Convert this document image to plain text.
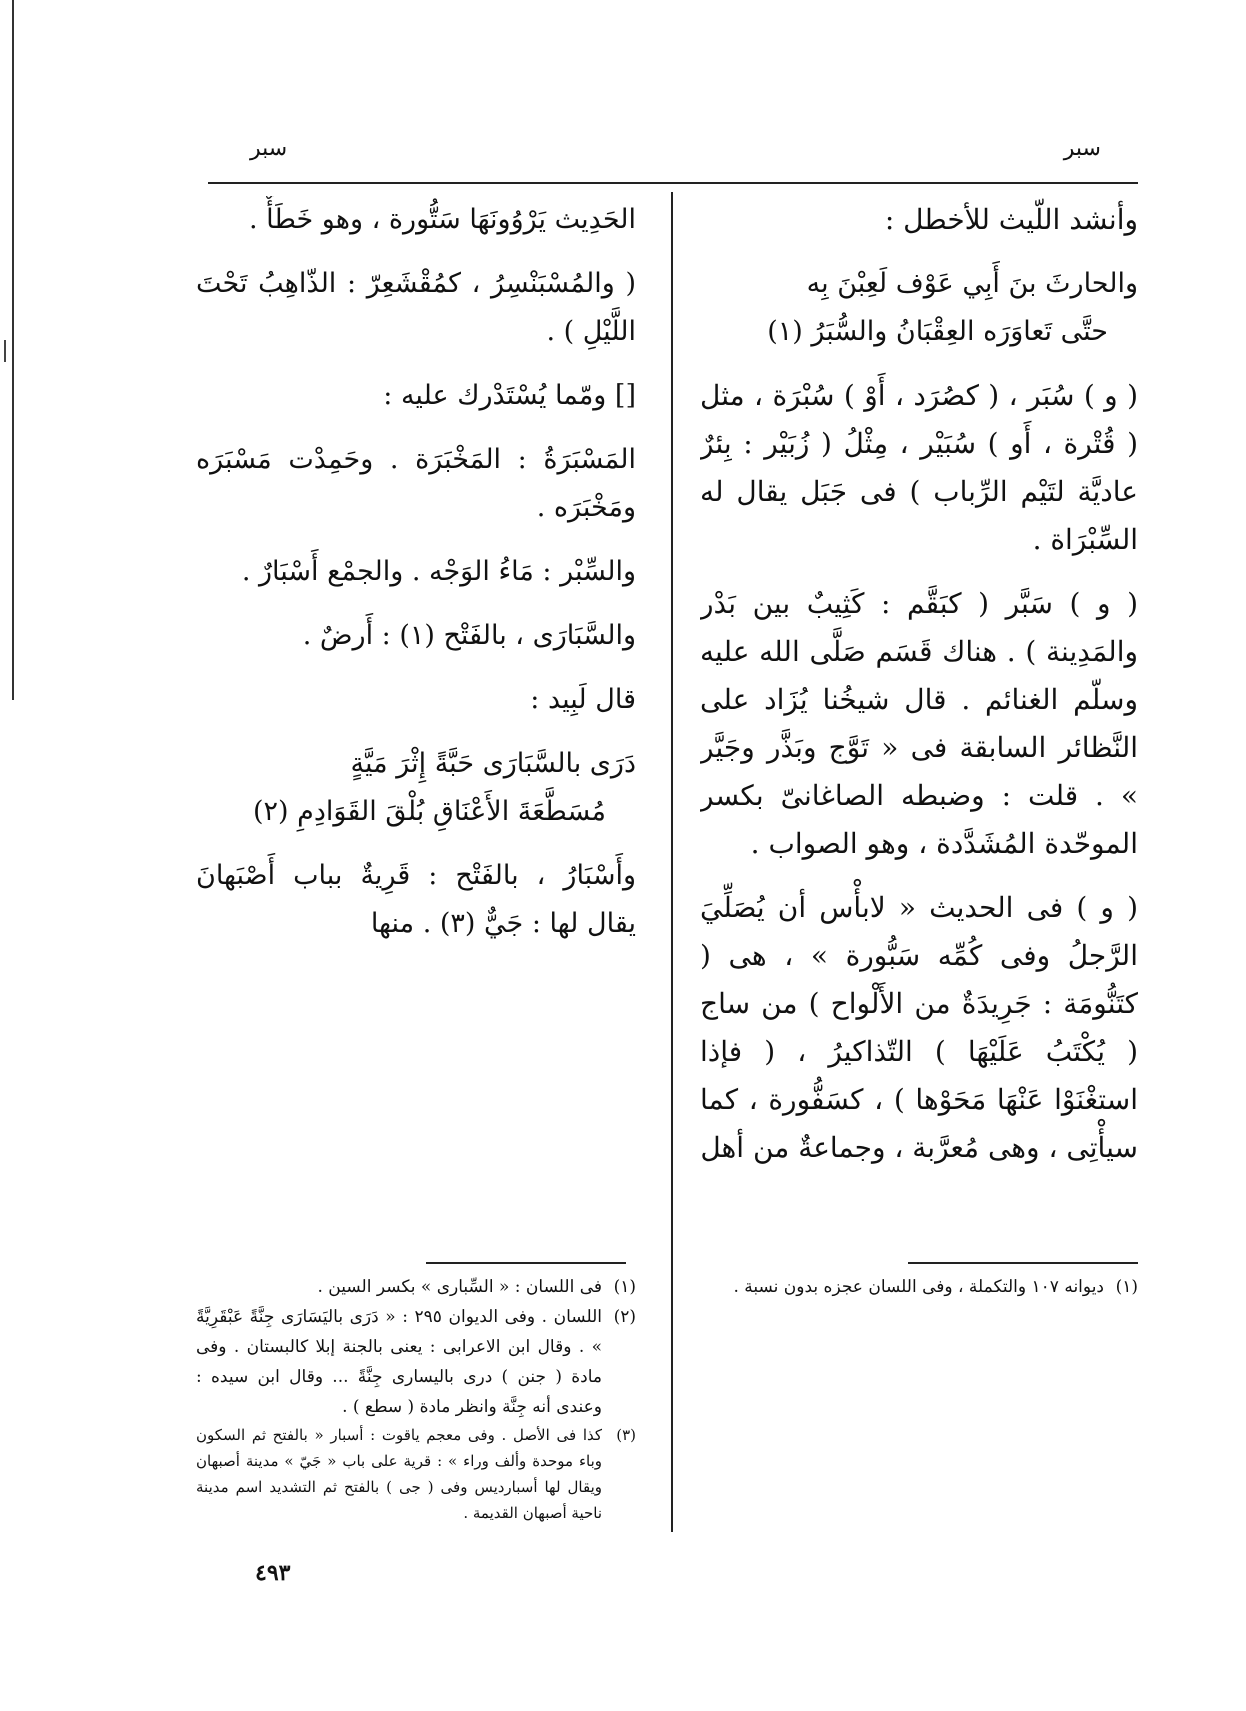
سبر
سبر

وأنشد اللّيث للأخطل :

والحارثَ بنَ أَبِي عَوْف لَعِبْنَ بِه
حتَّى تَعاوَرَه العِقْبَانُ والسُّبَرُ (١)

( و ) سُبَر ، ( كصُرَد ، أَوْ ) سُبْرَة ، مثل ( قُتْرة ، أَو ) سُبَيْر ، مِثْلُ ( زُبَيْر : بِئرٌ عاديَّة لتَيْم الرِّباب ) فى جَبَل يقال له السِّبْرَاة .

( و ) سَبَّر ( كبَقَّم : كَثِيبٌ بين بَدْر والمَدِينة ) . هناك قَسَم صَلَّى الله عليه وسلّم الغنائم . قال شيخُنا يُزَاد على النَّظائر السابقة فى « تَوَّج وبَذَّر وجَيَّر » . قلت : وضبطه الصاغانىّ بكسر الموحّدة المُشَدَّدة ، وهو الصواب .

( و ) فى الحديث « لابأْس أن يُصَلِّيَ الرَّجلُ وفى كُمِّه سَبُّورة » ، هى ( كتَنُّومَة : جَرِيدَةٌ من الأَلْواح ) من ساج ( يُكْتَبُ عَلَيْهَا ) التّذاكيرُ ، ( فإذا استغْنَوْا عَنْهَا مَحَوْها ) ، كسَفُّورة ، كما سيأْتِى ، وهى مُعرَّبة ، وجماعةٌ من أهل

(١)
ديوانه ١٠٧ والتكملة ، وفى اللسان عجزه بدون نسبة .

الحَدِيث يَرْوُونَهَا سَتُّورة ، وهو خَطَأٌ .

( والمُسْبَنْسِرُ ، كمُقْشَعِرّ : الذّاهِبُ تَحْتَ اللَّيْلِ ) .

[] ومّما يُسْتَدْرك عليه :

المَسْبَرَةُ : المَخْبَرَة . وحَمِدْت مَسْبَرَه ومَخْبَرَه .

والسِّبْر : مَاءُ الوَجْه . والجمْع أَسْبَارٌ .

والسَّبَارَى ، بالفَتْح (١) : أَرضٌ .

قال لَبِيد :

دَرَى بالسَّبَارَى حَبَّةً إِثْرَ مَيَّةٍ
مُسَطَّعَةَ الأَعْنَاقِ بُلْقَ القَوَادِمِ (٢)

وأَسْبَارُ ، بالفَتْح : قَرِيةٌ بباب أَصْبَهانَ يقال لها : جَيٌّ (٣) . منها

(١)
فى اللسان : « السِّبارى » بكسر السين .
(٢)
اللسان . وفى الديوان ٢٩٥ : « دَرَى باليَسَارَى جِنَّةً عَبْقَرِيَّةً » . وقال ابن الاعرابى : يعنى بالجنة إبلا كالبستان . وفى مادة ( جنن ) درى باليسارى جِنَّةً ... وقال ابن سيده : وعندى أنه جِنَّة وانظر مادة ( سطع ) .
(٣)
كذا فى الأصل . وفى معجم ياقوت : أسبار « بالفتح ثم السكون وباء موحدة وألف وراء » : قرية على باب « جَيّ » مدينة أصبهان ويقال لها أسبارديس وفى ( جى ) بالفتح ثم التشديد اسم مدينة ناحية أصبهان القديمة .
٤٩٣
